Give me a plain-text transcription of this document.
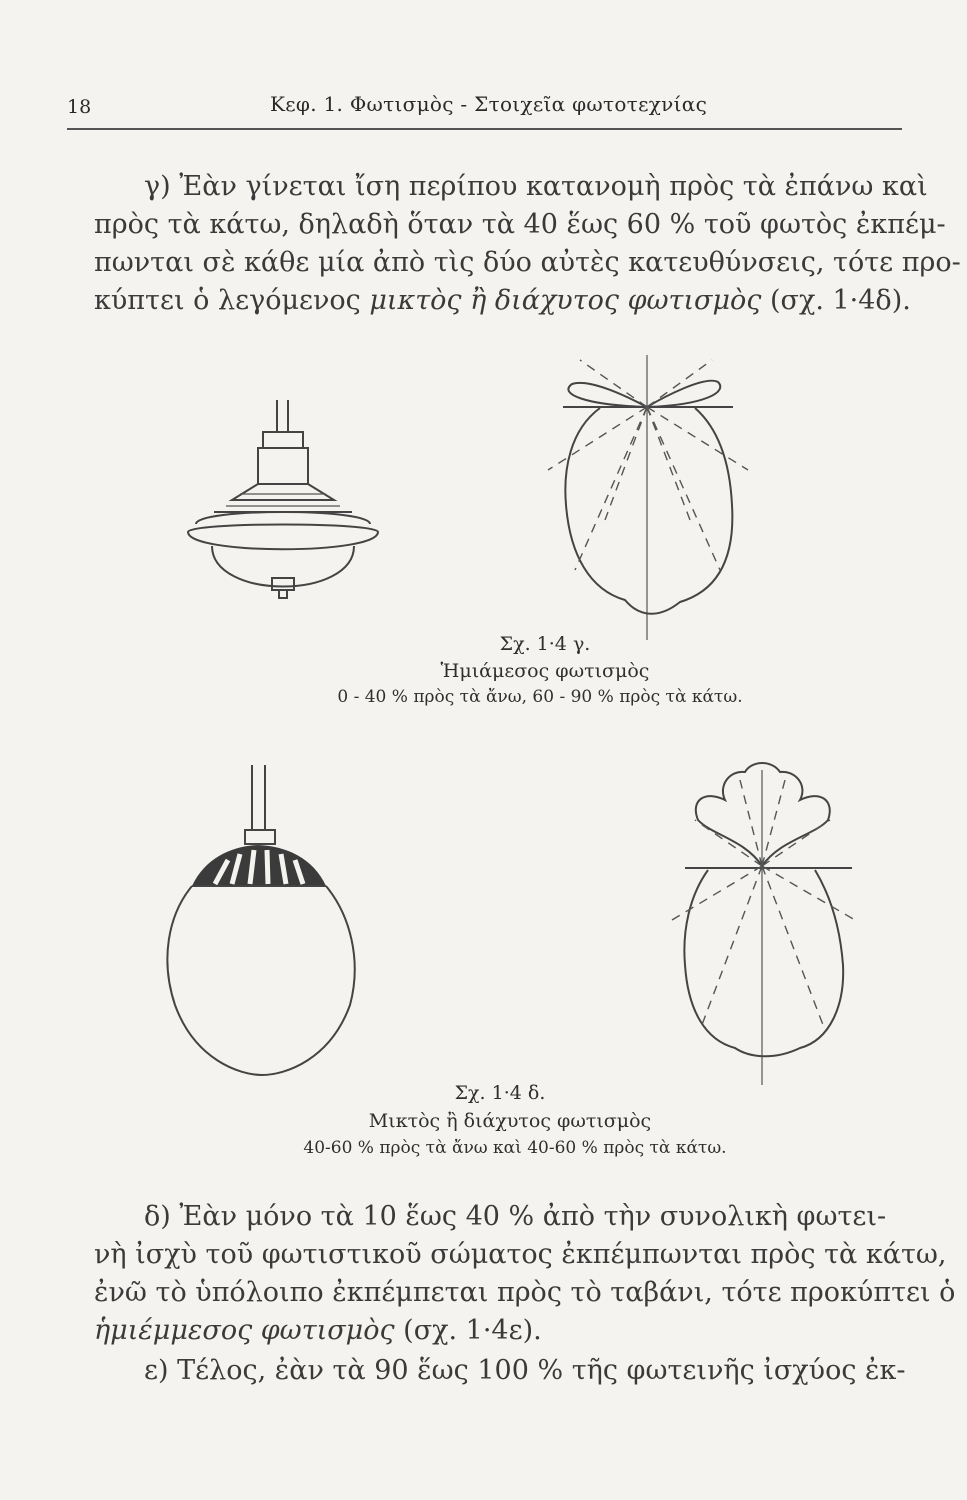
18	Κεφ. 1. Φωτισμὸς - Στοιχεῖα φωτοτεχνίας

γ) Ἐὰν γίνεται ἴση περίπου κατανομὴ πρὸς τὰ ἐπάνω καὶ
πρὸς τὰ κάτω, δηλαδὴ ὅταν τὰ 40 ἕως 60 % τοῦ φωτὸς ἐκπέμ-
πωνται σὲ κάθε μία ἀπὸ τὶς δύο αὐτὲς κατευθύνσεις, τότε προ-
κύπτει ὁ λεγόμενος μικτὸς ἢ διάχυτος φωτισμὸς (σχ. 1·4δ).

Σχ. 1·4 γ.
Ἡμιάμεσος φωτισμὸς
0 - 40 % πρὸς τὰ ἄνω, 60 - 90 % πρὸς τὰ κάτω.
Σχ. 1·4 δ.
Μικτὸς ἢ διάχυτος φωτισμὸς
40-60 % πρὸς τὰ ἄνω καὶ 40-60 % πρὸς τὰ κάτω.

δ) Ἐὰν μόνο τὰ 10 ἕως 40 % ἀπὸ τὴν συνολικὴ φωτει-
νὴ ἰσχὺ τοῦ φωτιστικοῦ σώματος ἐκπέμπωνται πρὸς τὰ κάτω,
ἐνῶ τὸ ὑπόλοιπο ἐκπέμπεται πρὸς τὸ ταβάνι, τότε προκύπτει ὁ
ἡμιέμμεσος φωτισμὸς (σχ. 1·4ε).

ε) Τέλος, ἐὰν τὰ 90 ἕως 100 % τῆς φωτεινῆς ἰσχύος ἐκ-
